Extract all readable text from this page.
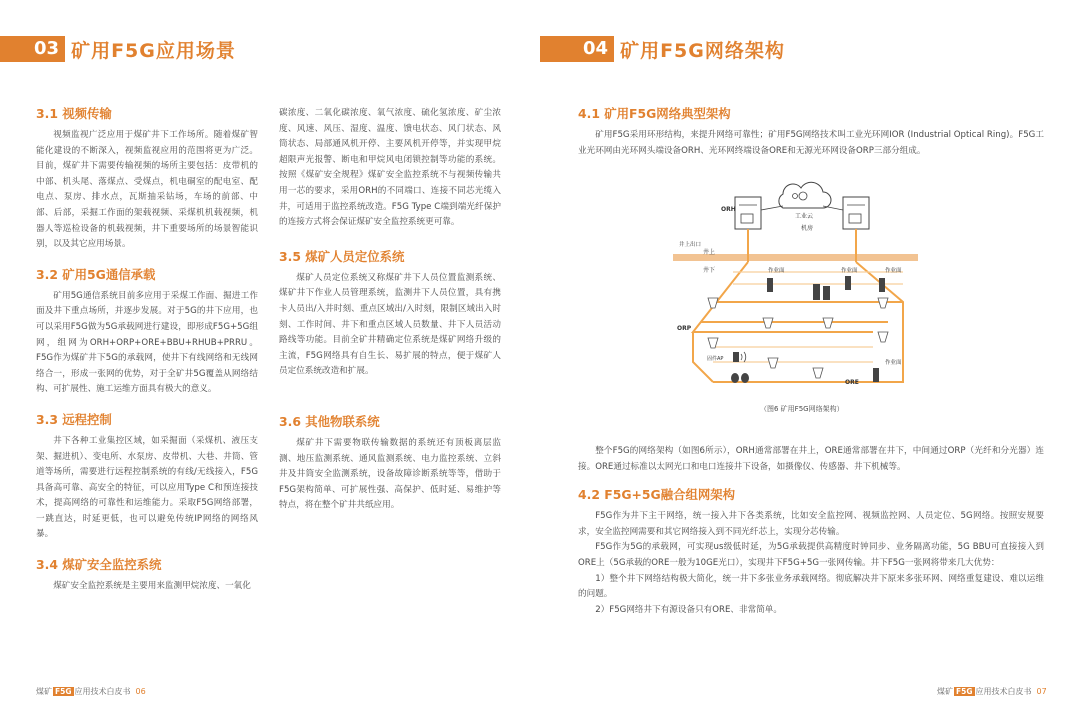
03 矿用F5G应用场景	04 矿用F5G网络架构
3.1 视频传输

视频监视广泛应用于煤矿井下工作场所。随着煤矿智能化建设的不断深入，视频监视应用的范围将更为广泛。目前，煤矿井下需要传输视频的场所主要包括：皮带机的中部、机头尾、落煤点、受煤点，机电硐室的配电室、配电点、泵房、排水点，瓦斯抽采钻场，车场的前部、中部、后部，采掘工作面的架载视频、采煤机机载视频，机器人等巡检设备的机载视频，井下重要场所的场景智能识别，以及其它应用场景。

3.2 矿用5G通信承载

矿用5G通信系统目前多应用于采煤工作面、掘进工作面及井下重点场所，并逐步发展。对于5G的井下应用，也可以采用F5G做为5G承载网进行建设，即形成F5G+5G组网，组网为ORH+ORP+ORE+BBU+RHUB+PRRU。F5G作为煤矿井下5G的承载网，使井下有线网络和无线网络合一，形成一张网的优势，对于全矿井5G覆盖从网络结构、可扩展性、施工运维方面具有极大的意义。

3.3 远程控制

井下各种工业集控区域，如采掘面（采煤机、液压支架、掘进机）、变电所、水泵房、皮带机、大巷、井筒、管道等场所，需要进行远程控制系统的有线/无线接入，F5G具备高可靠、高安全的特征，可以应用Type C和预连接技术，提高网络的可靠性和运维能力。采取F5G网络部署，一跳直达，时延更低，也可以避免传统IP网络的网络风暴。

3.4 煤矿安全监控系统

煤矿安全监控系统是主要用来监测甲烷浓度、一氧化

碳浓度、二氧化碳浓度、氧气浓度、硫化氢浓度、矿尘浓度、风速、风压、湿度、温度、馈电状态、风门状态、风筒状态、局部通风机开停、主要风机开停等，并实现甲烷超限声光报警、断电和甲烷风电闭锁控制等功能的系统。按照《煤矿安全规程》煤矿安全监控系统不与视频传输共用一芯的要求，采用ORH的不同端口、连接不同芯光缆入井，可适用于监控系统改造。F5G Type C端到端光纤保护的连接方式将会保证煤矿安全监控系统更可靠。

3.5 煤矿人员定位系统

煤矿人员定位系统又称煤矿井下人员位置监测系统、煤矿井下作业人员管理系统，监测井下人员位置，具有携卡人员出/入井时刻、重点区域出/入时刻，限制区域出入时刻、工作时间、井下和重点区域人员数量、井下人员活动路线等功能。目前全矿井精确定位系统是煤矿网络升级的主流，F5G网络具有自生长、易扩展的特点，便于煤矿人员定位系统改造和扩展。

3.6 其他物联系统

煤矿井下需要物联传输数据的系统还有顶板离层监测、地压监测系统、通风监测系统、电力监控系统、立斜井及井筒安全监测系统，设备故障诊断系统等等，借助于F5G架构简单、可扩展性强、高保护、低时延、易维护等特点，将在整个矿井共纸应用。

4.1 矿用F5G网络典型架构

矿用F5G采用环形结构，来提升网络可靠性；矿用F5G网络技术叫工业光环网IOR (Industrial Optical Ring)。F5G工业光环网由光环网头端设备ORH、光环网终端设备ORE和无源光环网设备ORP三部分组成。

工业云
机房
ORH
井上出口
井上
井下	作业面	作业面	作业面
作业面
ORP
ORE
固件AP
（图6 矿用F5G网络架构）

整个F5G的网络架构（如图6所示），ORH通常部署在井上，ORE通常部署在井下，中间通过ORP（光纤和分光器）连接。ORE通过标准以太网光口和电口连接井下设备，如摄像仪、传感器、井下机械等。

4.2 F5G+5G融合组网架构

F5G作为井下主干网络，统一接入井下各类系统，比如安全监控网、视频监控网、人员定位、5G网络。按照安规要求，安全监控网需要和其它网络接入到不同光纤芯上，实现分芯传输。

F5G作为5G的承载网，可实现us级低时延，为5G承载提供高精度时钟同步、业务隔离功能，5G BBU可直接接入到ORE上（5G承载的ORE一般为10GE光口），实现井下F5G+5G一张网传输。井下F5G一张网将带来几大优势：

1）整个井下网络结构极大简化，统一井下多张业务承载网络。彻底解决井下原来多张环网、网络重复建设、难以运维的问题。

2）F5G网络井下有源设备只有ORE、非常简单。

煤矿 F5G 应用技术白皮书 06	煤矿 F5G 应用技术白皮书 07
